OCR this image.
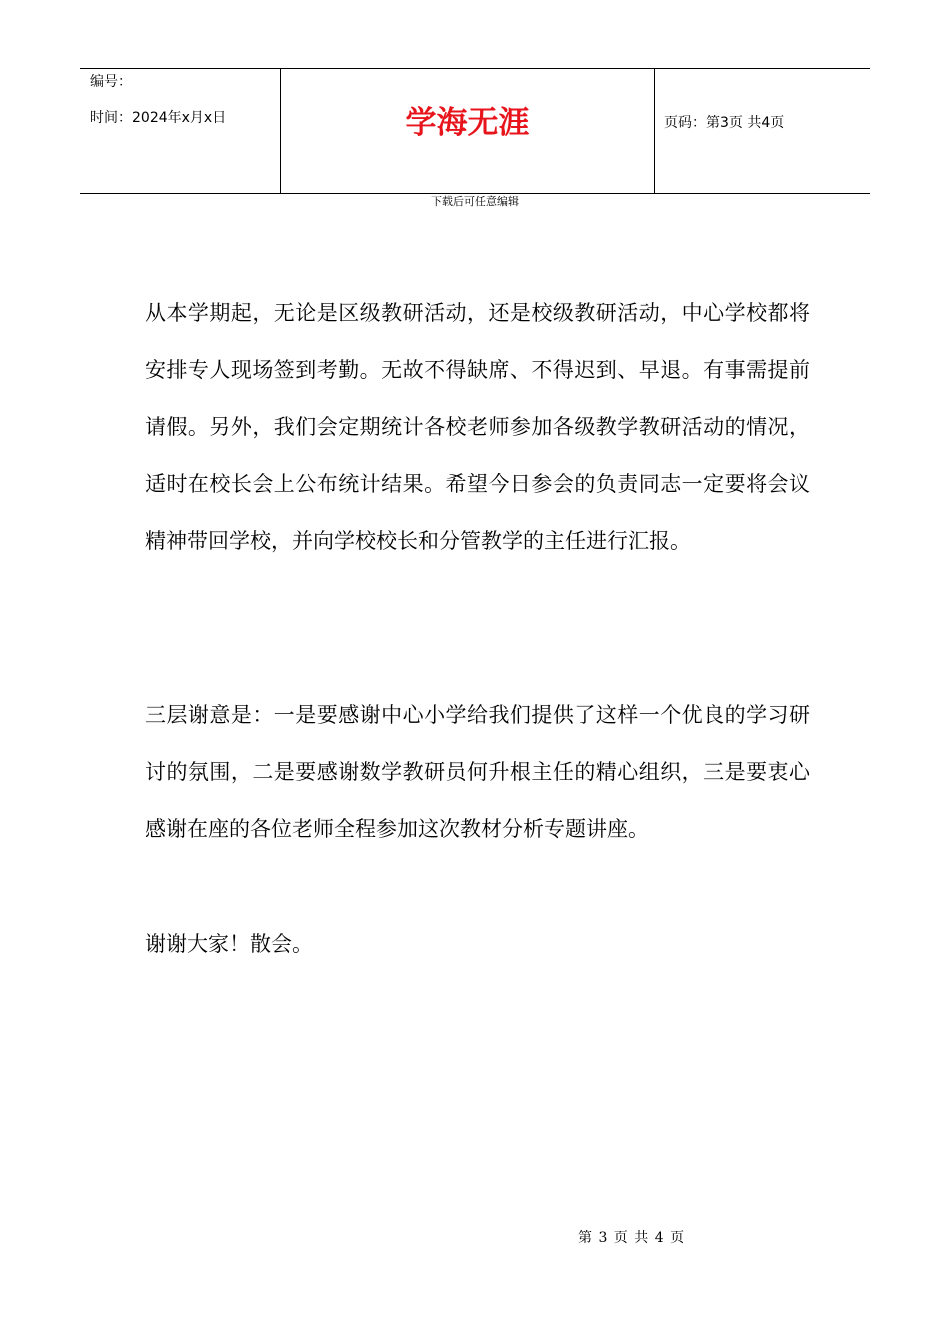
编号：
时间：2024年x月x日	学海无涯	页码：第3页 共4页
下载后可任意编辑

从本学期起，无论是区级教研活动，还是校级教研活动，中心学校都将安排专人现场签到考勤。无故不得缺席、不得迟到、早退。有事需提前请假。另外，我们会定期统计各校老师参加各级教学教研活动的情况，适时在校长会上公布统计结果。希望今日参会的负责同志一定要将会议精神带回学校，并向学校校长和分管教学的主任进行汇报。

三层谢意是：一是要感谢中心小学给我们提供了这样一个优良的学习研讨的氛围，二是要感谢数学教研员何升根主任的精心组织，三是要衷心感谢在座的各位老师全程参加这次教材分析专题讲座。

谢谢大家！散会。

第 3 页 共 4 页
